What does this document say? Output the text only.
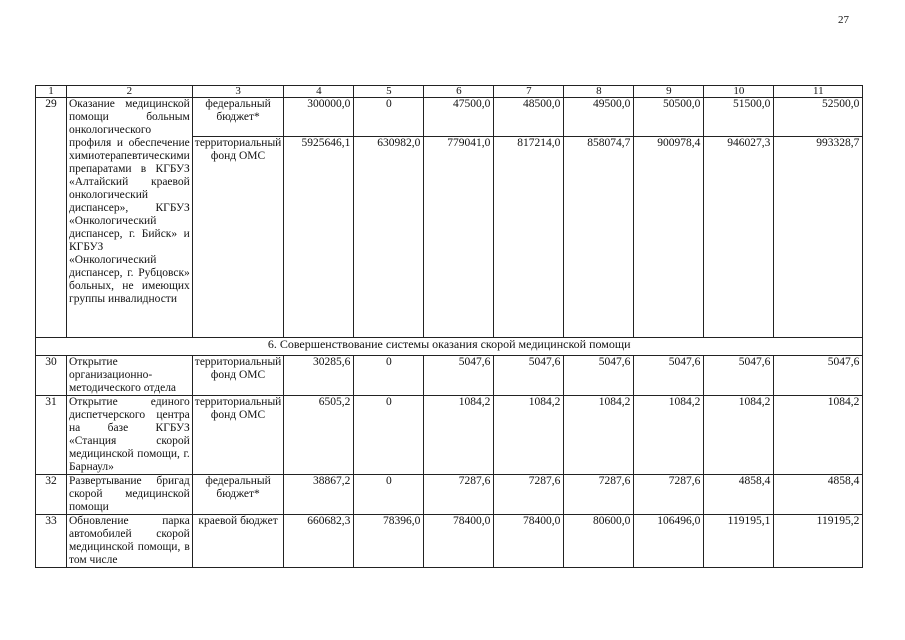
27
1	2	3	4	5	6	7	8	9	10	11
29	Оказание медицинской помощи больным онкологического профиля и обеспечение химиотерапевтическими препаратами в КГБУЗ «Алтайский краевой онкологический диспансер», КГБУЗ «Онкологический диспансер, г. Бийск» и КГБУЗ «Онкологический диспансер, г. Рубцовск» больных, не имеющих группы инвалидности	федеральный бюджет*	300000,0	0	47500,0	48500,0	49500,0	50500,0	51500,0	52500,0
		территориальный фонд ОМС	5925646,1	630982,0	779041,0	817214,0	858074,7	900978,4	946027,3	993328,7
6. Совершенствование системы оказания скорой медицинской помощи										
30	Открытие организационно-методического отдела	территориальный фонд ОМС	30285,6	0	5047,6	5047,6	5047,6	5047,6	5047,6	5047,6
31	Открытие единого диспетчерского центра на базе КГБУЗ «Станция скорой медицинской помощи, г. Барнаул»	территориальный фонд ОМС	6505,2	0	1084,2	1084,2	1084,2	1084,2	1084,2	1084,2
32	Развертывание бригад скорой медицинской помощи	федеральный бюджет*	38867,2	0	7287,6	7287,6	7287,6	7287,6	4858,4	4858,4
33	Обновление парка автомобилей скорой медицинской помощи, в том числе	краевой бюджет	660682,3	78396,0	78400,0	78400,0	80600,0	106496,0	119195,1	119195,2
